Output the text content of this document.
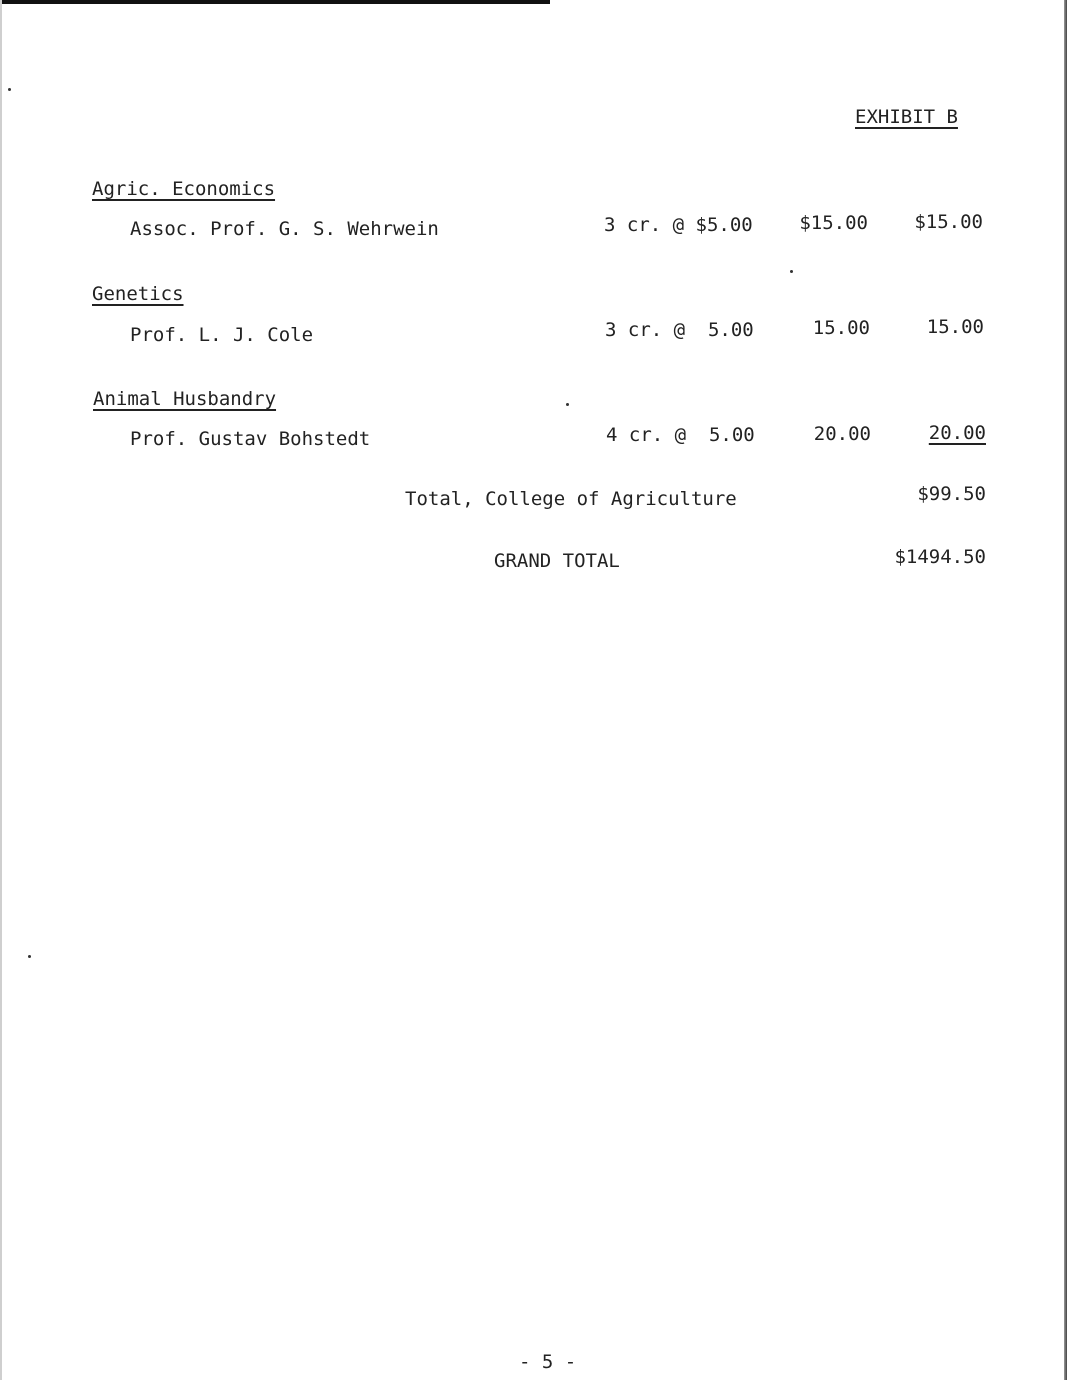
EXHIBIT B
Agric. Economics
Assoc. Prof. G. S. Wehrwein	3 cr. @ $5.00	$15.00	$15.00
Genetics
Prof. L. J. Cole	3 cr. @  5.00	15.00	15.00
Animal Husbandry
Prof. Gustav Bohstedt	4 cr. @  5.00	20.00	20.00
Total, College of Agriculture	$99.50
GRAND TOTAL	$1494.50
- 5 -
